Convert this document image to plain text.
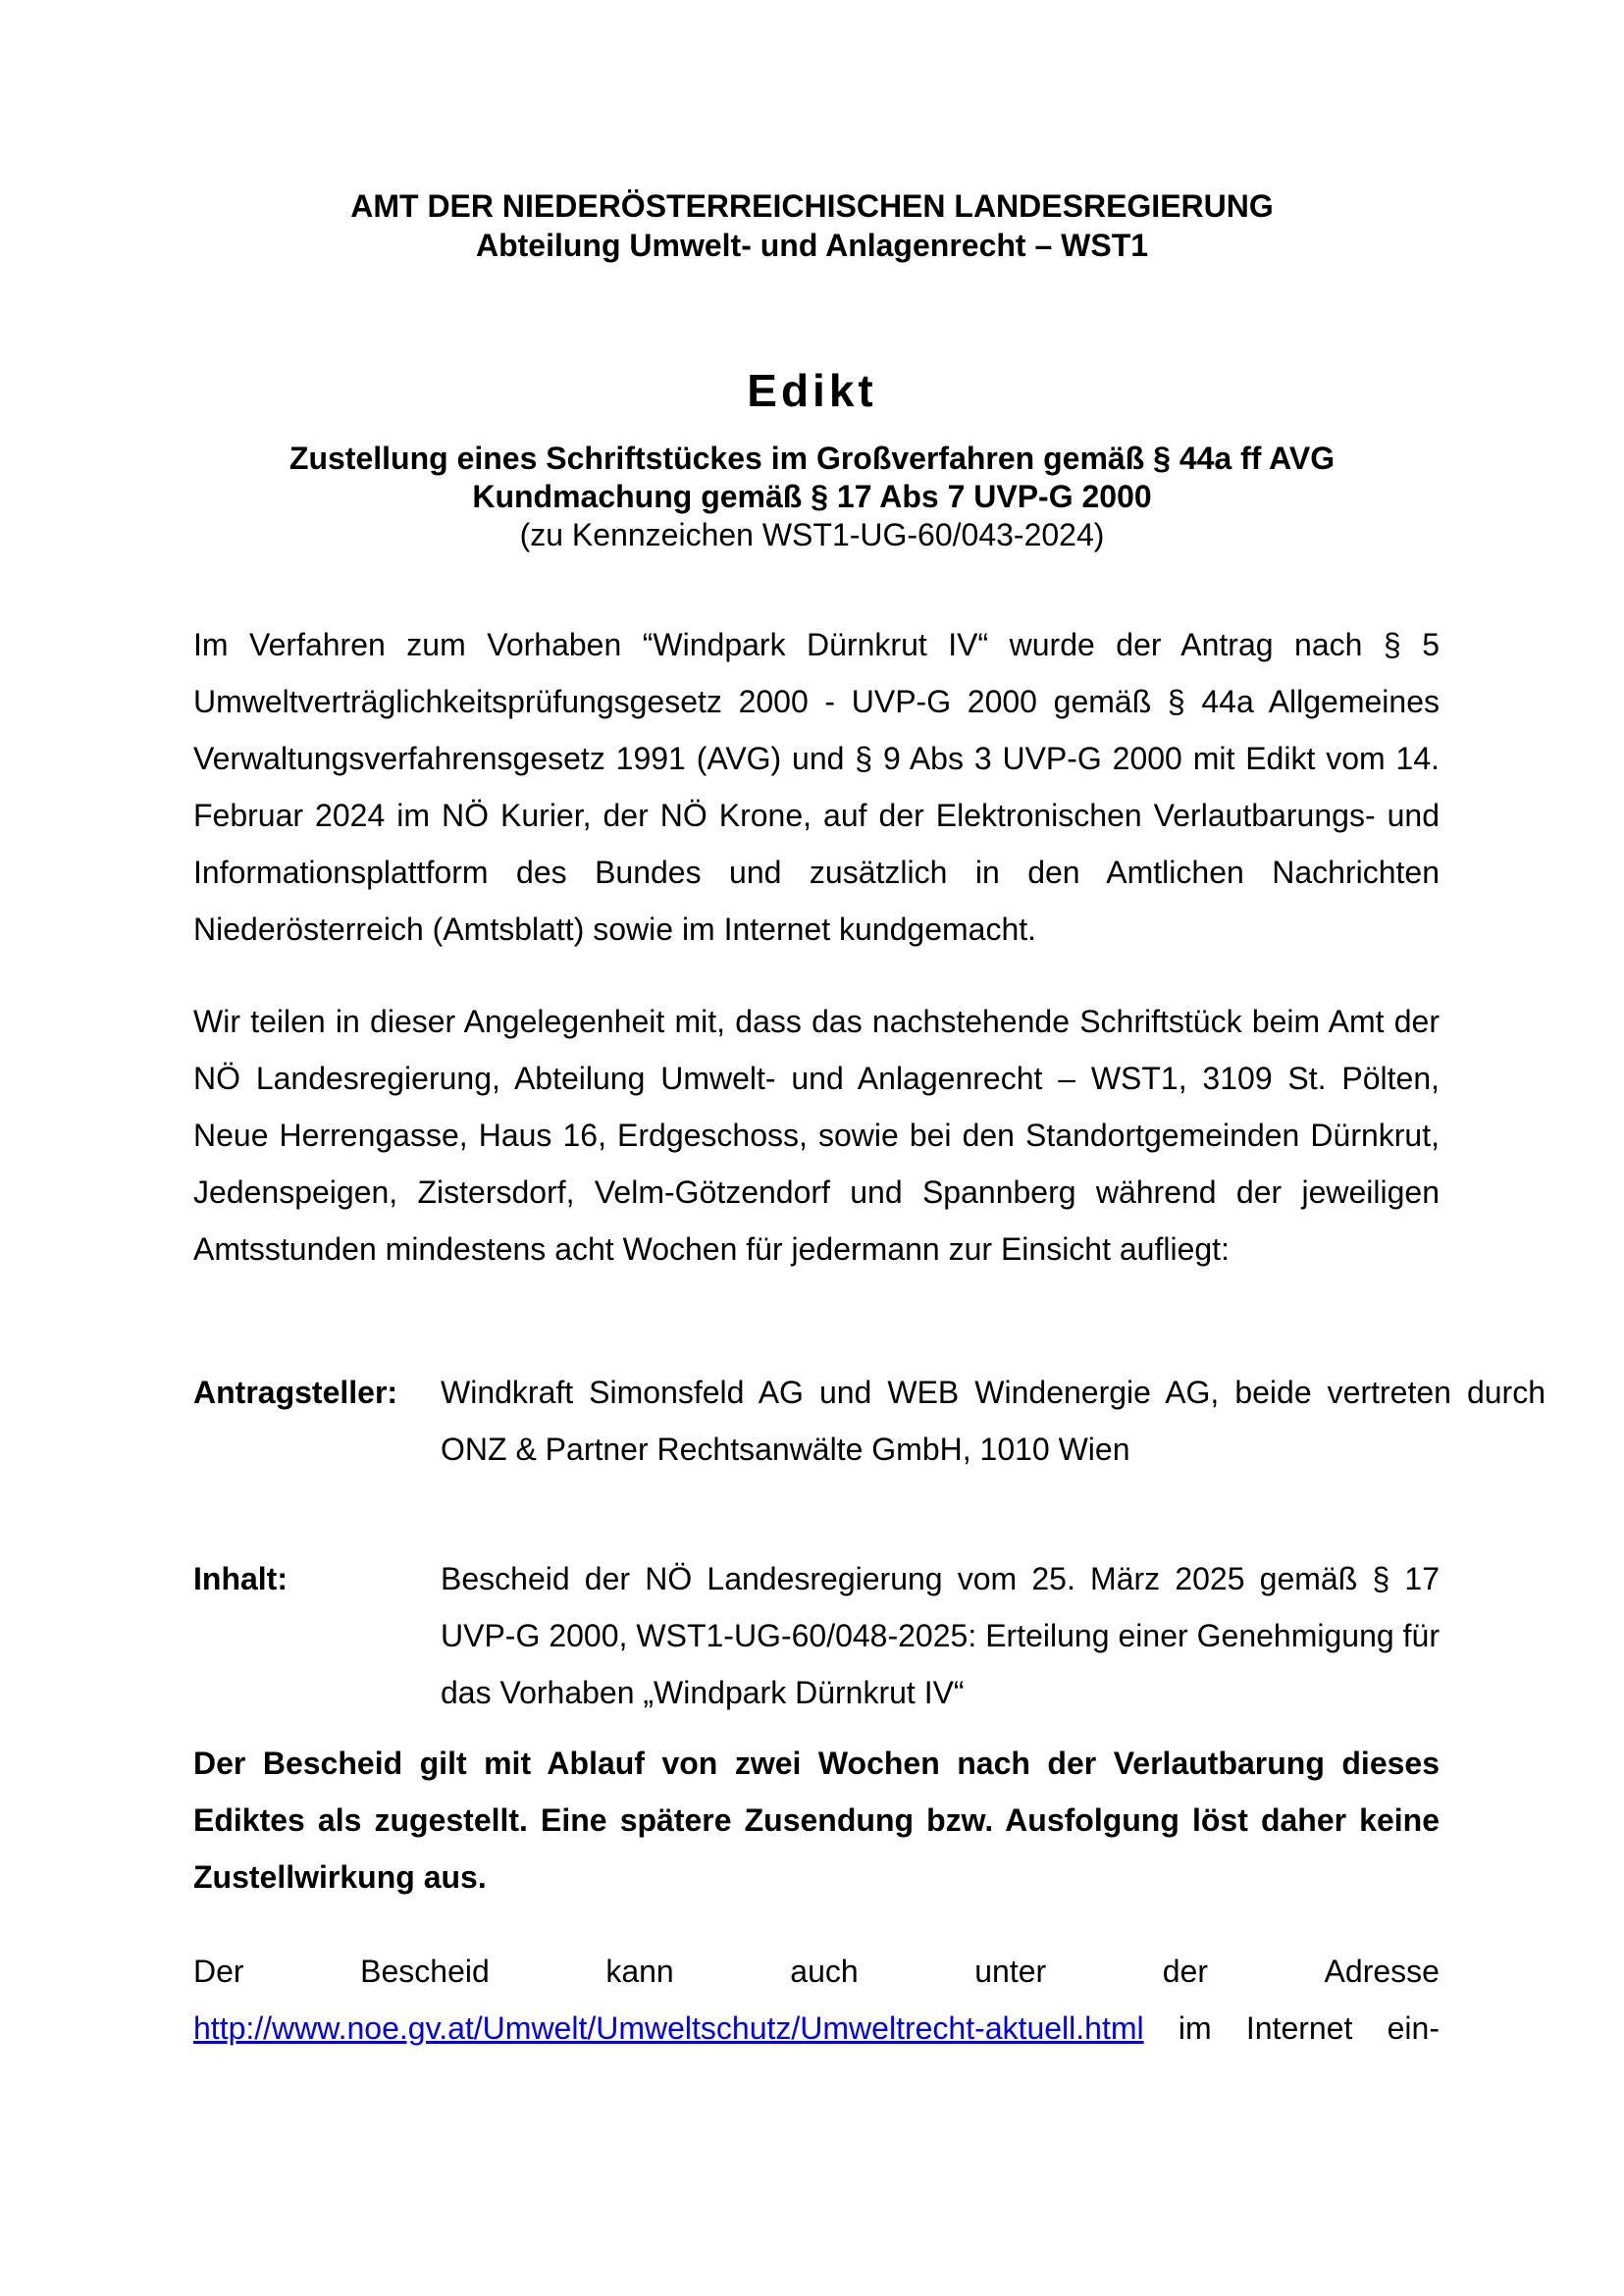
AMT DER NIEDERÖSTERREICHISCHEN LANDESREGIERUNG
Abteilung Umwelt- und Anlagenrecht – WST1
Edikt
Zustellung eines Schriftstückes im Großverfahren gemäß § 44a ff AVG
Kundmachung gemäß § 17 Abs 7 UVP-G 2000
(zu Kennzeichen WST1-UG-60/043-2024)
Im Verfahren zum Vorhaben “Windpark Dürnkrut IV“ wurde der Antrag nach § 5 Umweltverträglichkeitsprüfungsgesetz 2000 - UVP-G 2000 gemäß § 44a Allgemeines Verwaltungsverfahrensgesetz 1991 (AVG) und § 9 Abs 3 UVP-G 2000 mit Edikt vom 14. Februar 2024 im NÖ Kurier, der NÖ Krone, auf der Elektronischen Verlautbarungs- und Informationsplattform des Bundes und zusätzlich in den Amtlichen Nachrichten Niederösterreich (Amtsblatt) sowie im Internet kundgemacht.
Wir teilen in dieser Angelegenheit mit, dass das nachstehende Schriftstück beim Amt der NÖ Landesregierung, Abteilung Umwelt- und Anlagenrecht – WST1, 3109 St. Pölten, Neue Herrengasse, Haus 16, Erdgeschoss, sowie bei den Standortgemeinden Dürnkrut, Jedenspeigen, Zistersdorf, Velm-Götzendorf und Spannberg während der jeweiligen Amtsstunden mindestens acht Wochen für jedermann zur Einsicht aufliegt:
Antragsteller: Windkraft Simonsfeld AG und WEB Windenergie AG, beide vertreten durch ONZ & Partner Rechtsanwälte GmbH, 1010 Wien
Inhalt:	Bescheid der NÖ Landesregierung vom 25. März 2025 gemäß § 17 UVP-G 2000, WST1-UG-60/048-2025: Erteilung einer Genehmigung für das Vorhaben „Windpark Dürnkrut IV“
Der Bescheid gilt mit Ablauf von zwei Wochen nach der Verlautbarung dieses Ediktes als zugestellt. Eine spätere Zusendung bzw. Ausfolgung löst daher keine Zustellwirkung aus.
Der	Bescheid	kann	auch	unter	der	Adresse
http://www.noe.gv.at/Umwelt/Umweltschutz/Umweltrecht-aktuell.html im Internet ein-
